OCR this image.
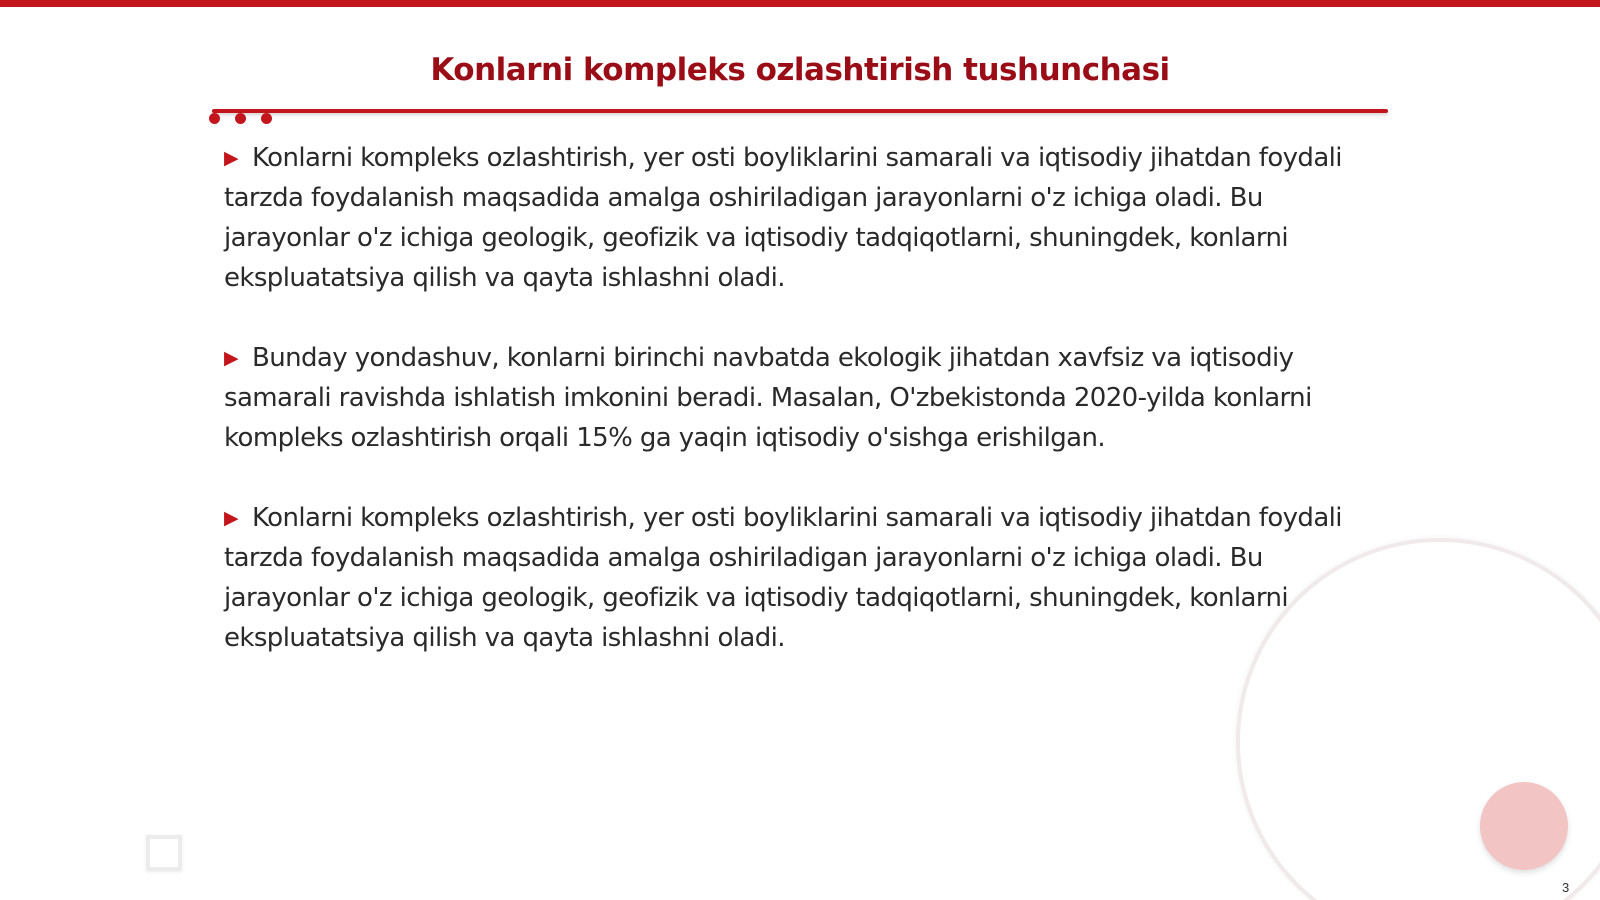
Konlarni kompleks ozlashtirish tushunchasi

▶ Konlarni kompleks ozlashtirish, yer osti boyliklarini samarali va iqtisodiy jihatdan foydali tarzda foydalanish maqsadida amalga oshiriladigan jarayonlarni o'z ichiga oladi. Bu jarayonlar o'z ichiga geologik, geofizik va iqtisodiy tadqiqotlarni, shuningdek, konlarni ekspluatatsiya qilish va qayta ishlashni oladi.

▶ Bunday yondashuv, konlarni birinchi navbatda ekologik jihatdan xavfsiz va iqtisodiy samarali ravishda ishlatish imkonini beradi. Masalan, O'zbekistonda 2020-yilda konlarni kompleks ozlashtirish orqali 15% ga yaqin iqtisodiy o'sishga erishilgan.

▶ Konlarni kompleks ozlashtirish, yer osti boyliklarini samarali va iqtisodiy jihatdan foydali tarzda foydalanish maqsadida amalga oshiriladigan jarayonlarni o'z ichiga oladi. Bu jarayonlar o'z ichiga geologik, geofizik va iqtisodiy tadqiqotlarni, shuningdek, konlarni ekspluatatsiya qilish va qayta ishlashni oladi.

3
